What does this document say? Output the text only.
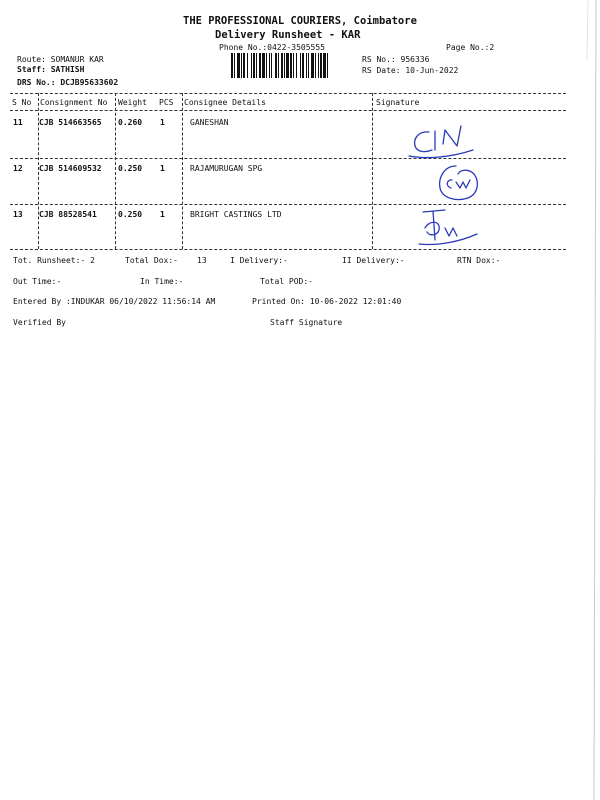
THE PROFESSIONAL COURIERS, Coimbatore
Delivery Runsheet - KAR
Phone No.:0422-3505555	Page No.:2
Route: SOMANUR KAR
Staff: SATHISH
DRS No.: DCJB95633602
RS No.: 956336
RS Date: 10-Jun-2022
S No Consignment No Weight PCS Consignee Details	Signature
11 CJB 514663565 0.260 1	GANESHAN
12 CJB 514609532 0.250 1	RAJAMURUGAN SPG
13 CJB 88528541	0.250 1	BRIGHT CASTINGS LTD
Tot. Runsheet:- 2	Total Dox:- 13	I Delivery:-	II Delivery:-	RTN Dox:-
Out Time:-	In Time:-	Total POD:-
Entered By :INDUKAR 06/10/2022 11:56:14 AM	Printed On: 10-06-2022 12:01:40
Verified By	Staff Signature
